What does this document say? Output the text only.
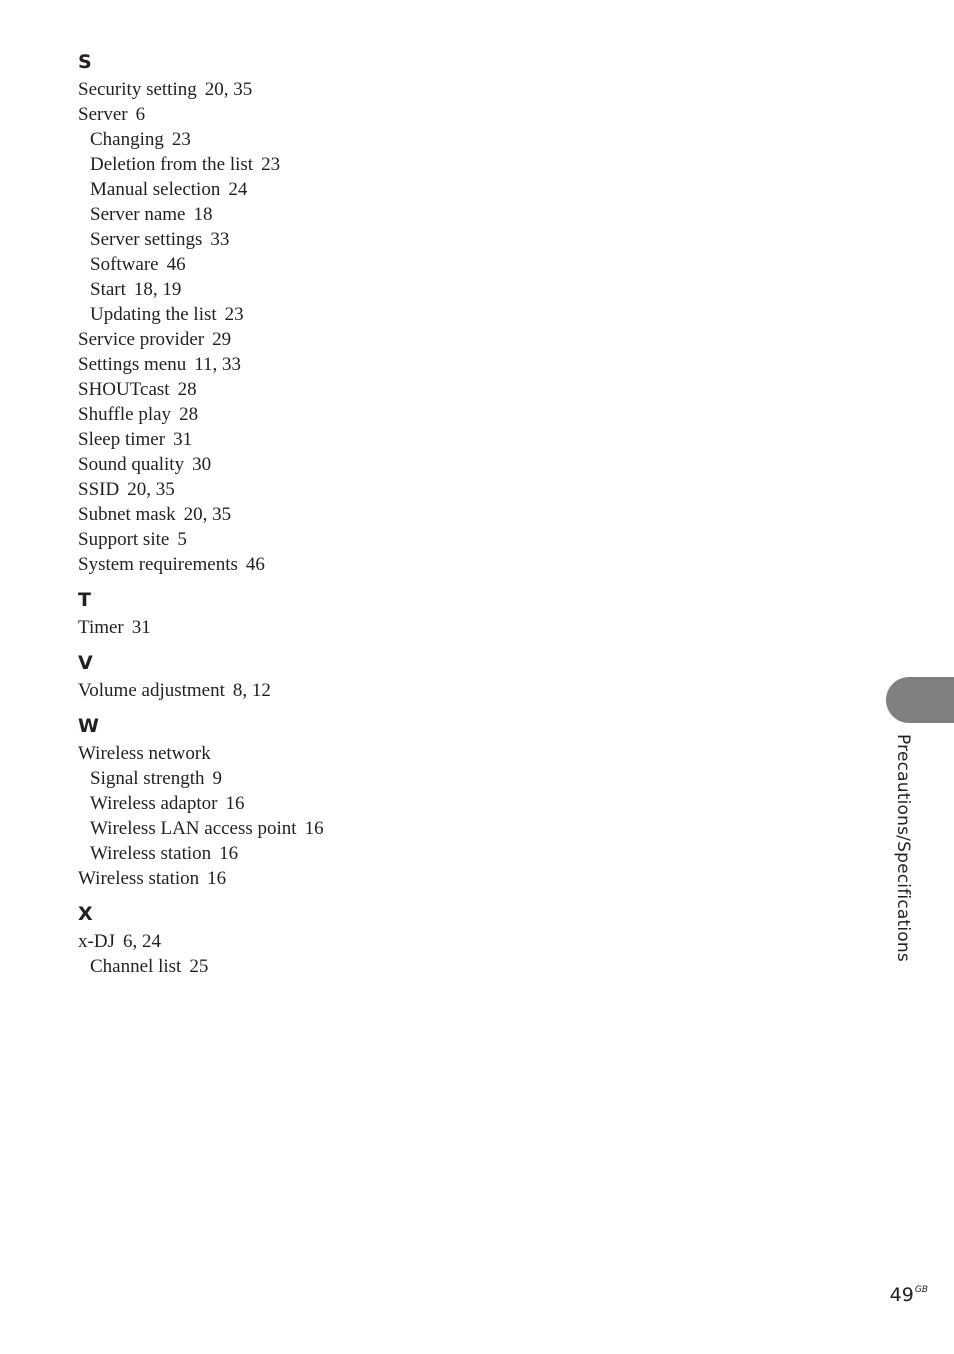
S
Security setting 20, 35
Server 6
Changing 23
Deletion from the list 23
Manual selection 24
Server name 18
Server settings 33
Software 46
Start 18, 19
Updating the list 23
Service provider 29
Settings menu 11, 33
SHOUTcast 28
Shuffle play 28
Sleep timer 31
Sound quality 30
SSID 20, 35
Subnet mask 20, 35
Support site 5
System requirements 46
T
Timer 31
V
Volume adjustment 8, 12
W
Wireless network
Signal strength 9
Wireless adaptor 16
Wireless LAN access point 16
Wireless station 16
Wireless station 16
X
x-DJ 6, 24
Channel list 25
Precautions/Specifications
$49^{GB}$
